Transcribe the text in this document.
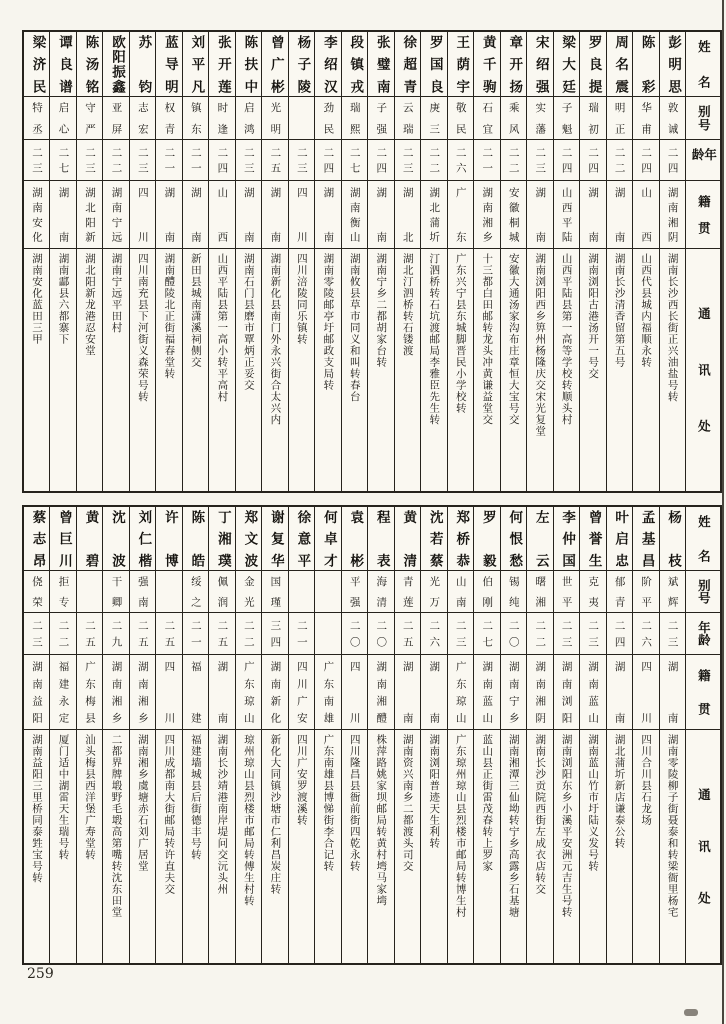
梁济民
特丞
二三
湖南安化
湖南安化蓝田三甲
谭良谱
启心
二七
湖南
湖南酃县六都寨下
陈汤铭
守严
二三
湖北阳新
湖北阳新龙港忍安堂
欧阳振鑫
亚屏
二二
湖南宁远
湖南宁远平田村
苏钧
志宏
二三
四川
四川南充县下河街义森荣号转
蓝导明
权青
二一
湖南
湖南醴陵北正街福春堂转
刘平凡
镇东
二一
湖南
新田县城南潇溪祠侧交
张开莲
时逢
二四
山西
山西平陆县第一高小转平高村
陈扶中
启鸿
二三
湖南
湖南石门县磨市覃炳正妥交
曾广彬
光明
二五
湖南
湖南新化县南门外永兴街合太兴内
杨子陵
二三
四川
四川涪陵同乐镇转
李绍汉
劲民
二四
湖南
湖南零陵邮亭圩邮政支局转
段镇戎
瑞熙
二七
湖南衡山
湖南攸县草市同义和叫转春台
张璧南
子强
二四
湖南
湖南宁乡二都胡家台转
徐超青
云瑞
二三
湖北
湖北汀泗桥转石镂渡
罗国良
庚三
二二
湖北蒲圻
汀泗桥转石坑渡邮局李雅臣先生转
王荫宇
敬民
二六
广东
广东兴宁县东城脚晋民小学校转
黄千驹
石宜
二一
湖南湘乡
十三都白田邮转龙头冲黄谦益堂交
章开扬
乘风
二二
安徽桐城
安徽大通汤家沟布庄章恒大宝号交
宋绍强
实藩
二三
湖南
湖南浏阳西乡箅州杨隆庆交宋光复堂
梁大廷
子魁
二四
山西平陆
山西平陆县第一高等学校转顺头村
罗良提
瑞初
二四
湖南
湖南浏阳古港汤开一号交
周名震
明正
二二
湖南
湖南长沙清香留第五号
陈彩
华甫
二四
山西
山西代县城内福顺永转
彭明思
敦诚
二四
湖南湘阴
湖南长沙西长街正兴油盐号转
姓名
别号
年龄
籍贯
通讯处
蔡志昂
侥荣
二三
湖南益阳
湖南益阳三里桥同泰甡宝号转
曾巨川
拒专
二二
福建永定
厦门适中湖雷天生瑞号转
黄碧
二五
广东梅县
汕头梅县西洋堡广寿堂转
沈波
干卿
二九
湖南湘乡
二都界牌塅野毛塅高第嘴转沈东田堂
刘仁楷
强南
二五
湖南湘乡
湖南湘乡虞塘赤石刘广居堂
许博
二五
四川
四川成都南大街邮局转许直夫交
陈皓
绥之
二一
福建
福建墙城县后街德丰号转
丁湘璞
佩润
二五
湖南
湖南长沙靖港南岸堤问交沅头州
郑文波
金光
二二
广东琼山
琼州琼山县烈楼市邮局转傅生村转
谢复华
国瑾
三四
湖南新化
新化大同镇沙塘市仁利昌炭庄转
徐意平
二一
四川广安
四川广安罗渡溪转
何卓才
广东南雄
广东南雄县博悌街李合记转
袁彬
平强
二〇
四川
四川隆昌县衙前街四乾永转
程表
海清
二〇
湖南湘醴
株萍路姚家坝邮局转黄村塆马家塆
黄清
青莲
二五
湖南
湖南资兴南乡二都渡头司交
沈若蔡
光万
二六
湖南
湖南浏阳普迹天生利转
郑桥恭
山南
二三
广东琼山
广东琼州琼山县烈楼市邮局转博生村
罗毅
伯刚
二七
湖南蓝山
蓝山县正街雷茂春转上罗家
何恨愁
锡纯
二〇
湖南宁乡
湖南湘潭三仙坳转宁乡高露乡石基塘
左云
曙湘
二二
湖南湘阴
湖南长沙贡院西街左成衣店转交
李仲国
世平
二三
湖南浏阳
湖南浏阳东乡小溪平安洲元吉生号转
曾誉生
克夷
二三
湖南蓝山
湖南蓝山竹市圩陆义发号转
叶启忠
郁青
二四
湖南
湖北蒲圻新店谦泰公转
孟基昌
阶平
二六
四川
四川合川县石龙场
杨枝
斌辉
二三
湖南
湖南零陵柳子街聂泰和转梁衙里杨宅
姓名
别号
年龄
籍贯
通讯处
259
